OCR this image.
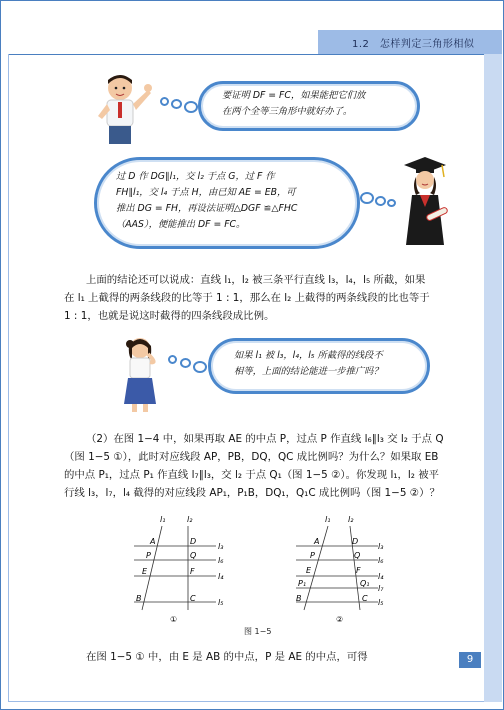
1.2　怎样判定三角形相似
要证明 DF = FC，如果能把它们放
在两个全等三角形中就好办了。
过 D 作 DG∥l₁，交 l₂ 于点 G，过 F 作
FH∥l₁，交 l₄ 于点 H，由已知 AE = EB，可
推出 DG = FH，再设法证明△DGF ≌△FHC
（AAS），便能推出 DF = FC。
上面的结论还可以说成：直线 l₁，l₂ 被三条平行直线 l₃，l₄，l₅ 所截，如果
在 l₁ 上截得的两条线段的比等于 1 : 1，那么在 l₂ 上截得的两条线段的比也等于
1 : 1，也就是说这时截得的四条线段成比例。
如果 l₁ 被 l₃，l₄，l₅ 所截得的线段不
相等，上面的结论能进一步推广吗？
（2）在图 1−4 中，如果再取 AE 的中点 P，过点 P 作直线 l₆∥l₃ 交 l₂ 于点 Q
（图 1−5 ①），此时对应线段 AP，PB，DQ，QC 成比例吗？为什么？如果取 EB
的中点 P₁，过点 P₁ 作直线 l₇∥l₃，交 l₂ 于点 Q₁（图 1−5 ②）。你发现 l₁，l₂ 被平
行线 l₃，l₇，l₄ 截得的对应线段 AP₁，P₁B，DQ₁，Q₁C 成比例吗（图 1−5 ②）？
l₁	l₂
A	D
P	Q
E	F
B	C
l₃
l₆
l₄
l₅
①
l₁ l₂
A	D
P	Q
E	F
P₁	Q₁
B	C
l₃
l₆
l₄
l₇
l₅
②
图 1−5
在图 1−5 ① 中，由 E 是 AB 的中点，P 是 AE 的中点，可得	9
